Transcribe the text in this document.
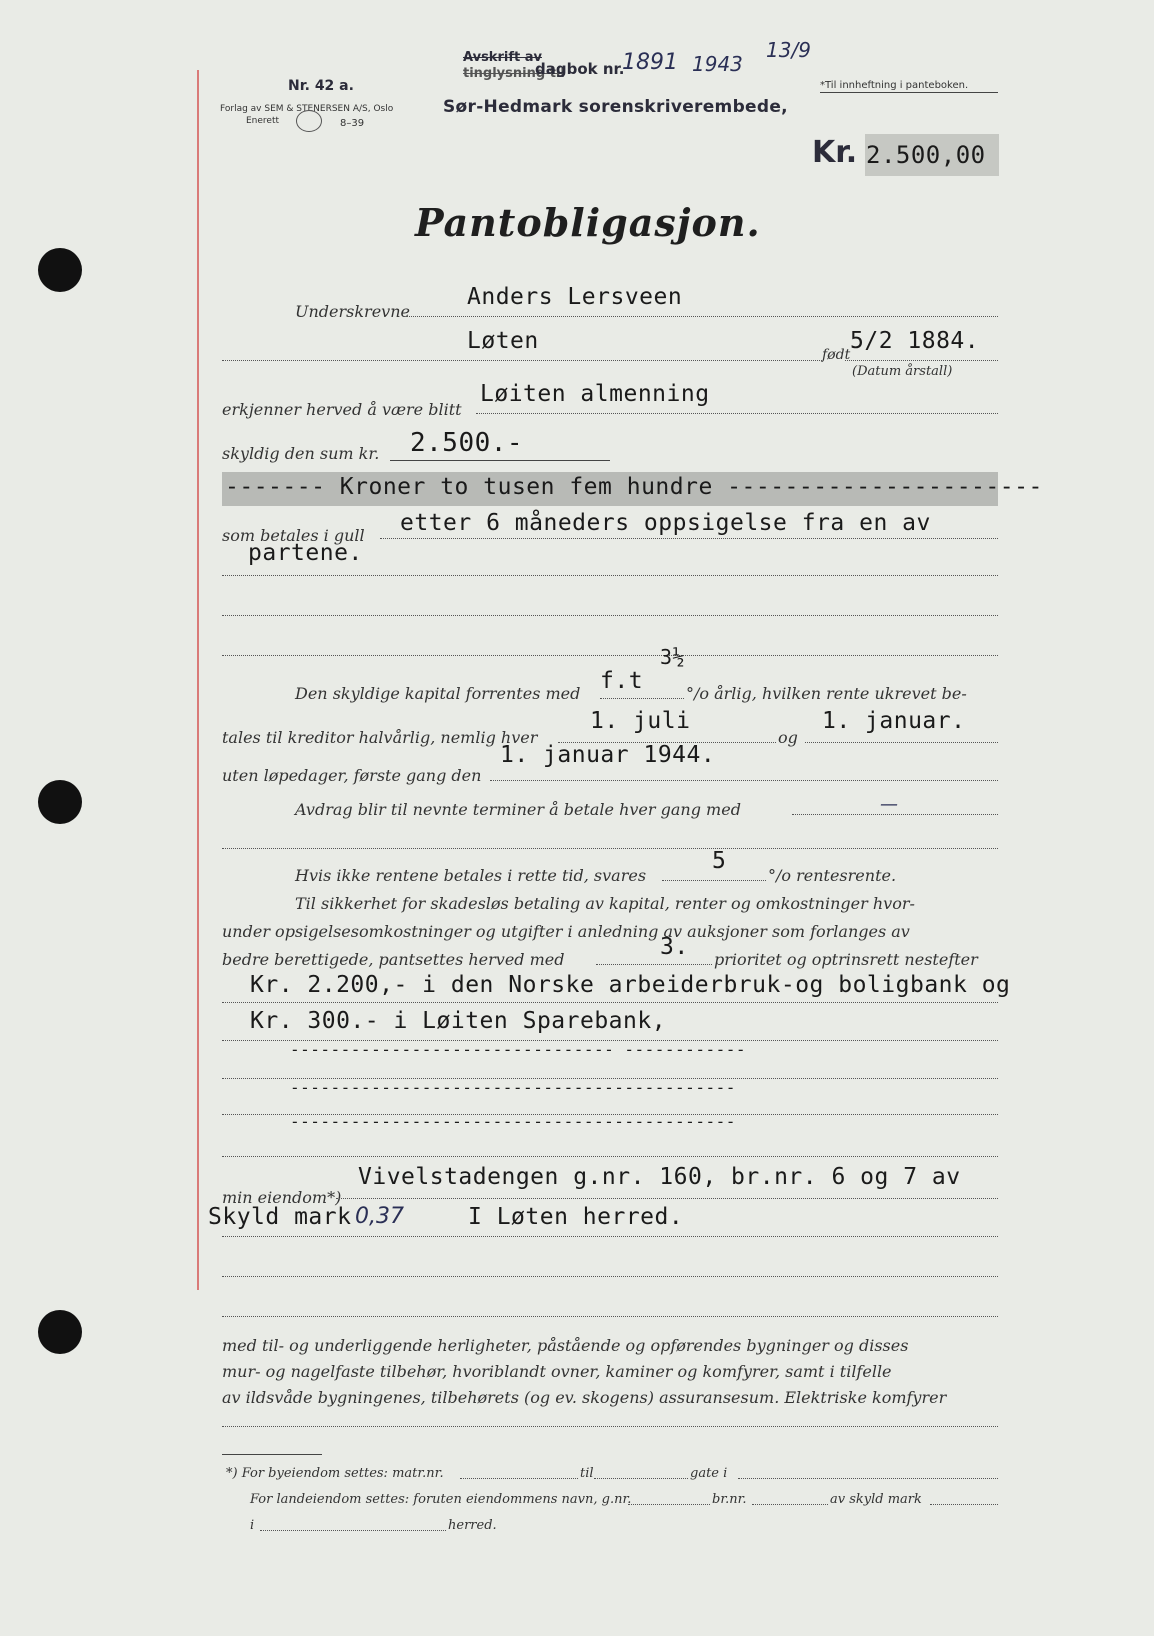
Nr. 42 a.
Forlag av SEM & STENERSEN A/S, Oslo
Enerett	8–39
Avskrift av
tinglysning til
dagbok nr.
1891 1943
13/9
Sør-Hedmark sorenskriverembede,
*Til innheftning i panteboken.
Kr. 2.500,00
Pantobligasjon.
Underskrevne
Anders Lersveen
Løten
født
5/2 1884.
(Datum årstall)
erkjenner herved å være blitt
Løiten almenning
skyldig den sum kr. 2.500.-
------- Kroner to tusen fem hundre ----------------------
som betales i gull etter 6 måneders oppsigelse fra en av
partene.
Den skyldige kapital forrentes med f.t
3½
°/o årlig, hvilken rente ukrevet be-
tales til kreditor halvårlig, nemlig hver
1. juli
og
1. januar.
uten løpedager, første gang den
1. januar 1944.
Avdrag blir til nevnte terminer å betale hver gang med	—
Hvis ikke rentene betales i rette tid, svares
5
°/o rentesrente.
Til sikkerhet for skadesløs betaling av kapital, renter og omkostninger hvor-
under opsigelsesomkostninger og utgifter i anledning av auksjoner som forlanges av
bedre berettigede, pantsettes herved med	3. prioritet og optrinsrett nestefter
Kr. 2.200,- i den Norske arbeiderbruk-og boligbank og
Kr. 300.- i Løiten Sparebank,
-------------------------------- ------------
--------------------------------------------
--------------------------------------------
min eiendom*)
Vivelstadengen g.nr. 160, br.nr. 6 og 7 av
Skyld mark 0,37	I Løten herred.
med til- og underliggende herligheter, påstående og opførendes bygninger og disses
mur- og nagelfaste tilbehør, hvoriblandt ovner, kaminer og komfyrer, samt i tilfelle
av ildsvåde bygningenes, tilbehørets (og ev. skogens) assuransesum. Elektriske komfyrer
*) For byeiendom settes: matr.nr.	til	gate i
For landeiendom settes: foruten eiendommens navn, g.nr.	br.nr.	av skyld mark
i	herred.
